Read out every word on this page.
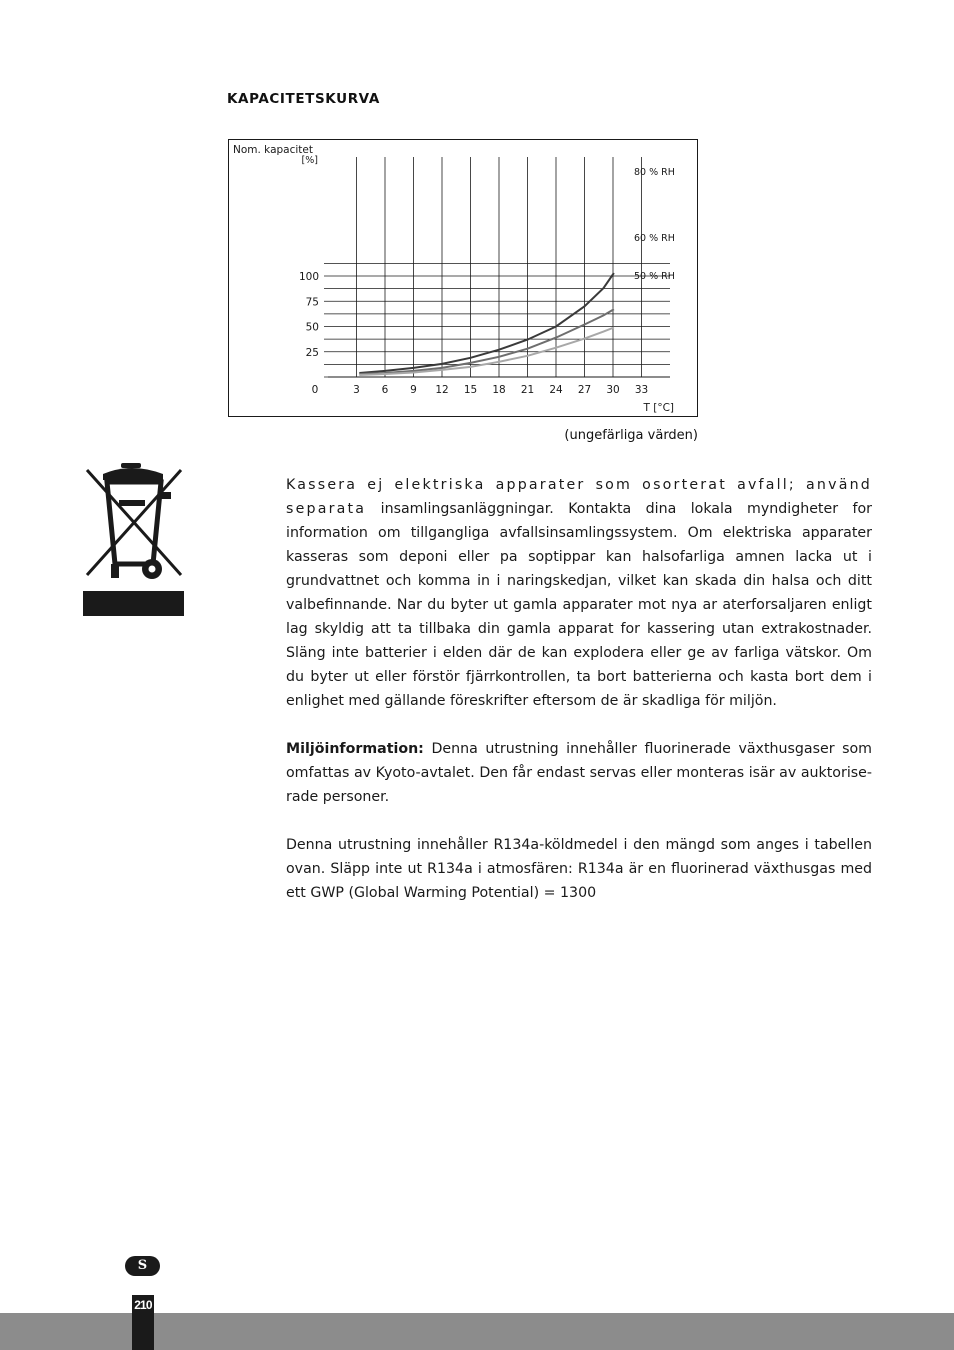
KAPACITETSKURVA
0	3 6 9 12 15 18 21 24 27 30 33
25
50
75
100
Nom. kapacitet
[%]
T [°C]
80 % RH
60 % RH
50 % RH
(ungefärliga värden)

Kassera ej elektriska apparater som osorterat avfall; använd separata insamlingsanläggningar. Kontakta dina lokala myndigheter for information om tillgangliga avfallsinsamlingssystem. Om elektriska apparater kasseras som deponi eller pa soptippar kan halsofarliga amnen lacka ut i grundvattnet och komma in i naringskedjan, vilket kan skada din halsa och ditt valbefinnande. Nar du byter ut gamla apparater mot nya ar aterforsaljaren enligt lag skyldig att ta tillbaka din gamla apparat for kassering utan extrakostnader. Släng inte batterier i elden där de kan explodera eller ge av farliga vätskor. Om du byter ut eller förstör fjärrkontrollen, ta bort batterierna och kasta bort dem i enlighet med gällande föreskrifter eftersom de är skadliga för miljön.

Miljöinformation: Denna utrustning innehåller fluorinerade växthusgaser som omfattas av Kyoto-avtalet. Den får endast servas eller monteras isär av auktorise-rade personer.

Denna utrustning innehåller R134a-köldmedel i den mängd som anges i tabellen ovan. Släpp inte ut R134a i atmosfären: R134a är en fluorinerad växthusgas med ett GWP (Global Warming Potential) = 1300

S
210
